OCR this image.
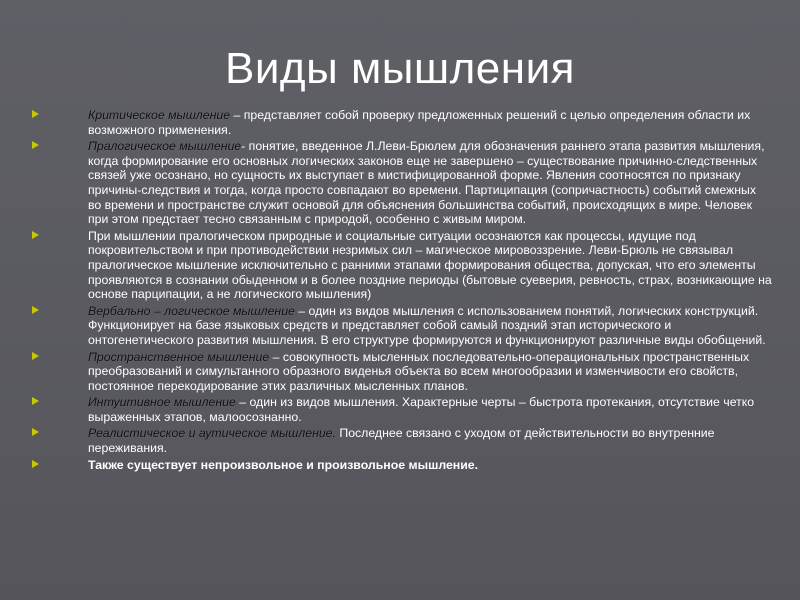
Виды мышления
Критическое мышление – представляет собой проверку предложенных решений с целью определения области их возможного применения.
Пралогическое мышление- понятие, введенное Л.Леви-Брюлем для обозначения раннего этапа развития мышления, когда формирование его основных логических законов еще не завершено – существование причинно-следственных связей уже осознано, но сущность их выступает в мистифицированной форме. Явления соотносятся по признаку причины-следствия и тогда, когда просто совпадают во времени. Партиципация (сопричастность) событий смежных во времени и пространстве служит основой для объяснения большинства событий, происходящих в мире. Человек при этом предстает тесно связанным с природой, особенно с живым миром.
При мышлении пралогическом природные и социальные ситуации осознаются как процессы, идущие под покровительством и при противодействии незримых сил – магическое мировоззрение. Леви-Брюль не связывал пралогическое мышление исключительно с ранними этапами формирования общества, допуская, что его элементы проявляются в сознании обыденном и в более поздние периоды (бытовые суеверия, ревность, страх, возникающие на основе парципации, а не логического мышления)
Вербально – логическое мышление – один из видов мышления с использованием понятий, логических конструкций. Функционирует на базе языковых средств и представляет собой самый поздний этап исторического и онтогенетического развития мышления. В его структуре формируются и функционируют различные виды обобщений.
Пространственное мышление – совокупность мысленных последовательно-операциональных пространственных преобразований и симультанного образного виденья объекта во всем многообразии и изменчивости его свойств, постоянное перекодирование этих различных мысленных планов.
Интуитивное мышление – один из видов мышления. Характерные черты – быстрота протекания, отсутствие четко выраженных этапов, малоосознанно.
Реалистическое и аутическое мышление. Последнее связано с уходом от действительности во внутренние переживания.
Также существует непроизвольное и произвольное мышление.
